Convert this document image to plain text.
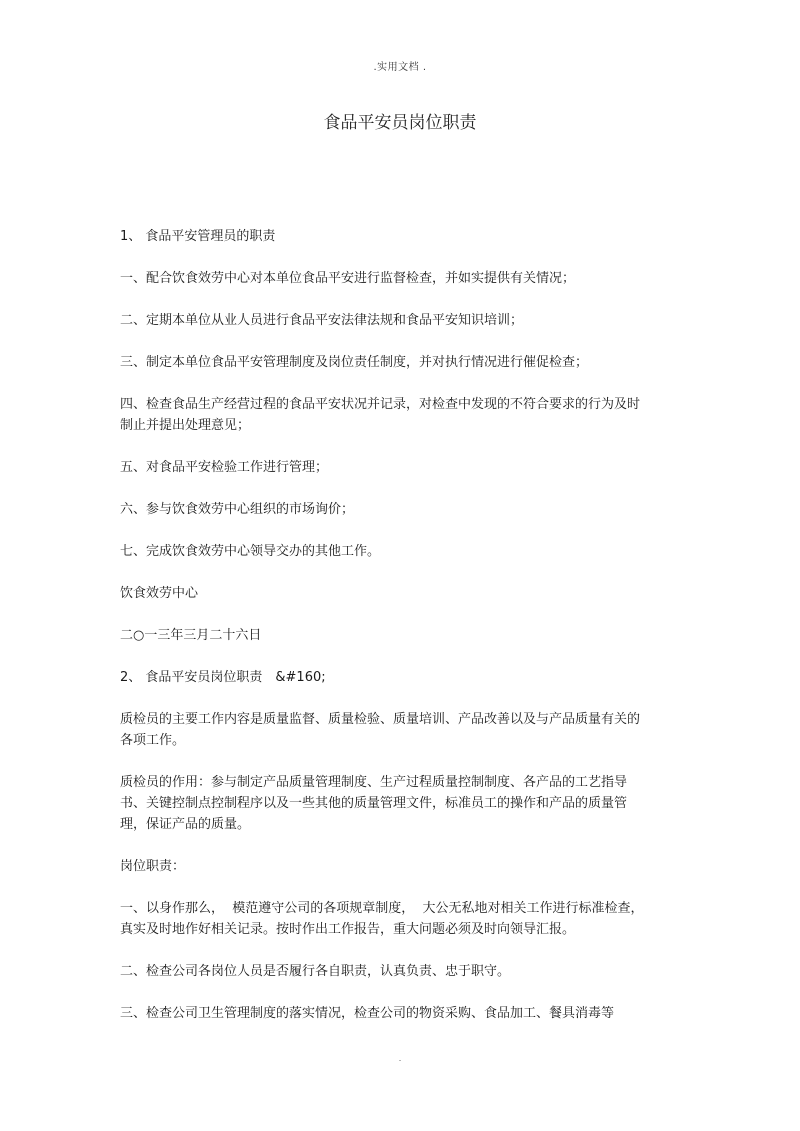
.实用文档 .
食品平安员岗位职责

1、 食品平安管理员的职责

一、配合饮食效劳中心对本单位食品平安进行监督检查，并如实提供有关情况；

二、定期本单位从业人员进行食品平安法律法规和食品平安知识培训；

三、制定本单位食品平安管理制度及岗位责任制度，并对执行情况进行催促检查；

四、检查食品生产经营过程的食品平安状况并记录，对检查中发现的不符合要求的行为及时制止并提出处理意见；

五、对食品平安检验工作进行管理；

六、参与饮食效劳中心组织的市场询价；

七、完成饮食效劳中心领导交办的其他工作。

饮食效劳中心

二○一三年三月二十六日

2、 食品平安员岗位职责　&#160;

质检员的主要工作内容是质量监督、质量检验、质量培训、产品改善以及与产品质量有关的各项工作。

质检员的作用：参与制定产品质量管理制度、生产过程质量控制制度、各产品的工艺指导书、关键控制点控制程序以及一些其他的质量管理文件，标准员工的操作和产品的质量管理，保证产品的质量。

岗位职责：

一、以身作那么，  模范遵守公司的各项规章制度，  大公无私地对相关工作进行标准检查，真实及时地作好相关记录。按时作出工作报告，重大问题必须及时向领导汇报。

二、检查公司各岗位人员是否履行各自职责，认真负责、忠于职守。

三、检查公司卫生管理制度的落实情况，检查公司的物资采购、食品加工、餐具消毒等

.
